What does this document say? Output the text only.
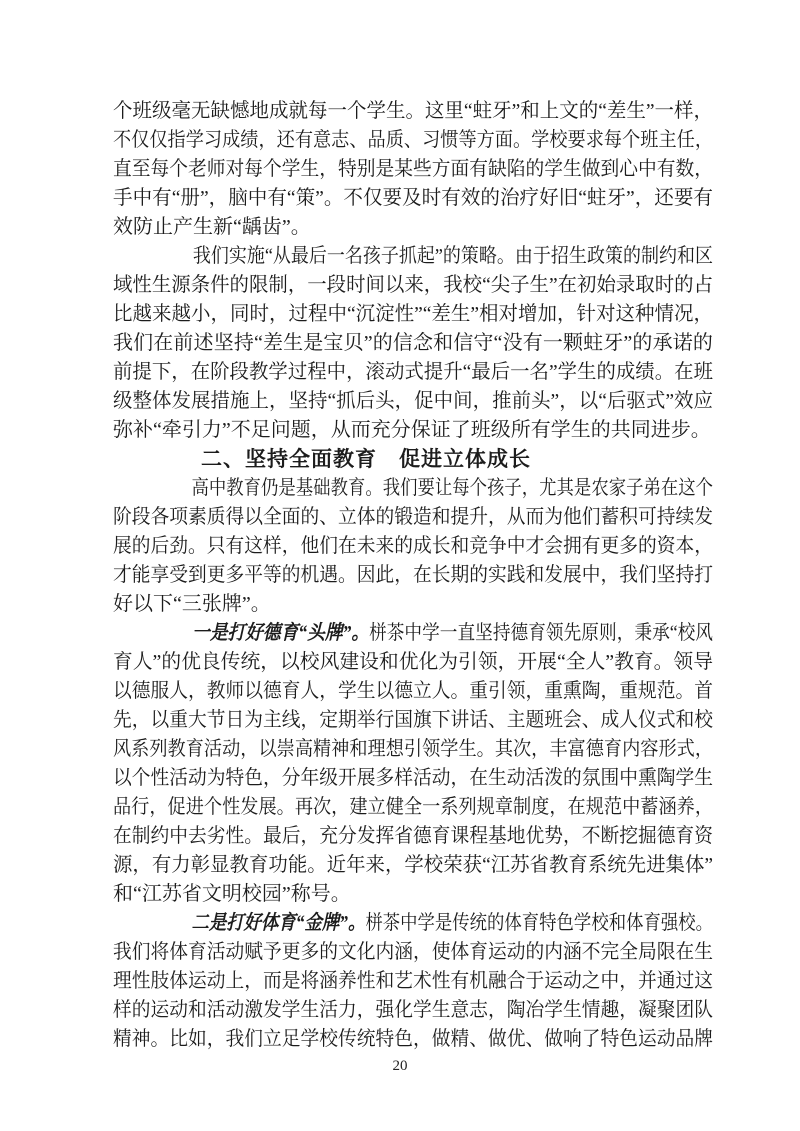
个班级毫无缺憾地成就每一个学生。这里“蛀牙”和上文的“差生”一样，
不仅仅指学习成绩，还有意志、品质、习惯等方面。学校要求每个班主任，
直至每个老师对每个学生，特别是某些方面有缺陷的学生做到心中有数，
手中有“册”，脑中有“策”。不仅要及时有效的治疗好旧“蛀牙”，还要有
效防止产生新“龋齿”。
我们实施“从最后一名孩子抓起”的策略。由于招生政策的制约和区
域性生源条件的限制，一段时间以来，我校“尖子生”在初始录取时的占
比越来越小，同时，过程中“沉淀性”“差生”相对增加，针对这种情况，
我们在前述坚持“差生是宝贝”的信念和信守“没有一颗蛀牙”的承诺的
前提下，在阶段教学过程中，滚动式提升“最后一名”学生的成绩。在班
级整体发展措施上，坚持“抓后头，促中间，推前头”，以“后驱式”效应
弥补“牵引力”不足问题，从而充分保证了班级所有学生的共同进步。
二、坚持全面教育　促进立体成长
高中教育仍是基础教育。我们要让每个孩子，尤其是农家子弟在这个
阶段各项素质得以全面的、立体的锻造和提升，从而为他们蓄积可持续发
展的后劲。只有这样，他们在未来的成长和竞争中才会拥有更多的资本，
才能享受到更多平等的机遇。因此，在长期的实践和发展中，我们坚持打
好以下“三张牌”。
一是打好德育“头牌”。栟茶中学一直坚持德育领先原则，秉承“校风
育人”的优良传统，以校风建设和优化为引领，开展“全人”教育。领导
以德服人，教师以德育人，学生以德立人。重引领，重熏陶，重规范。首
先，以重大节日为主线，定期举行国旗下讲话、主题班会、成人仪式和校
风系列教育活动，以崇高精神和理想引领学生。其次，丰富德育内容形式，
以个性活动为特色，分年级开展多样活动，在生动活泼的氛围中熏陶学生
品行，促进个性发展。再次，建立健全一系列规章制度，在规范中蓄涵养，
在制约中去劣性。最后，充分发挥省德育课程基地优势，不断挖掘德育资
源，有力彰显教育功能。近年来，学校荣获“江苏省教育系统先进集体”
和“江苏省文明校园”称号。
二是打好体育“金牌”。栟茶中学是传统的体育特色学校和体育强校。
我们将体育活动赋予更多的文化内涵，使体育运动的内涵不完全局限在生
理性肢体运动上，而是将涵养性和艺术性有机融合于运动之中，并通过这
样的运动和活动激发学生活力，强化学生意志，陶冶学生情趣，凝聚团队
精神。比如，我们立足学校传统特色，做精、做优、做响了特色运动品牌
20
